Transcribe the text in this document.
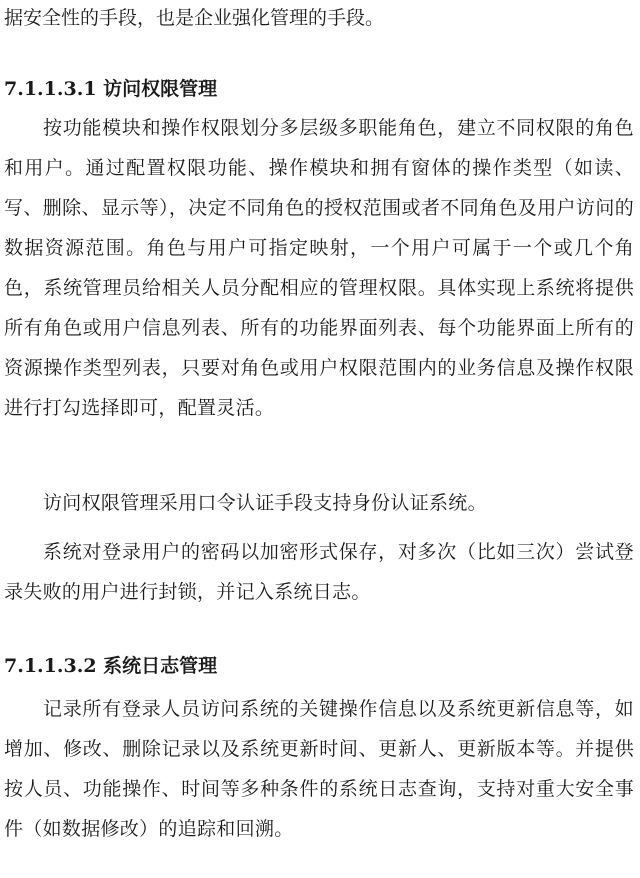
据安全性的手段，也是企业强化管理的手段。
7.1.1.3.1 访问权限管理
按功能模块和操作权限划分多层级多职能角色，建立不同权限的角色和用户。通过配置权限功能、操作模块和拥有窗体的操作类型（如读、写、删除、显示等），决定不同角色的授权范围或者不同角色及用户访问的数据资源范围。角色与用户可指定映射，一个用户可属于一个或几个角色，系统管理员给相关人员分配相应的管理权限。具体实现上系统将提供所有角色或用户信息列表、所有的功能界面列表、每个功能界面上所有的资源操作类型列表，只要对角色或用户权限范围内的业务信息及操作权限进行打勾选择即可，配置灵活。
访问权限管理采用口令认证手段支持身份认证系统。
系统对登录用户的密码以加密形式保存，对多次（比如三次）尝试登录失败的用户进行封锁，并记入系统日志。
7.1.1.3.2 系统日志管理
记录所有登录人员访问系统的关键操作信息以及系统更新信息等，如增加、修改、删除记录以及系统更新时间、更新人、更新版本等。并提供按人员、功能操作、时间等多种条件的系统日志查询，支持对重大安全事件（如数据修改）的追踪和回溯。
